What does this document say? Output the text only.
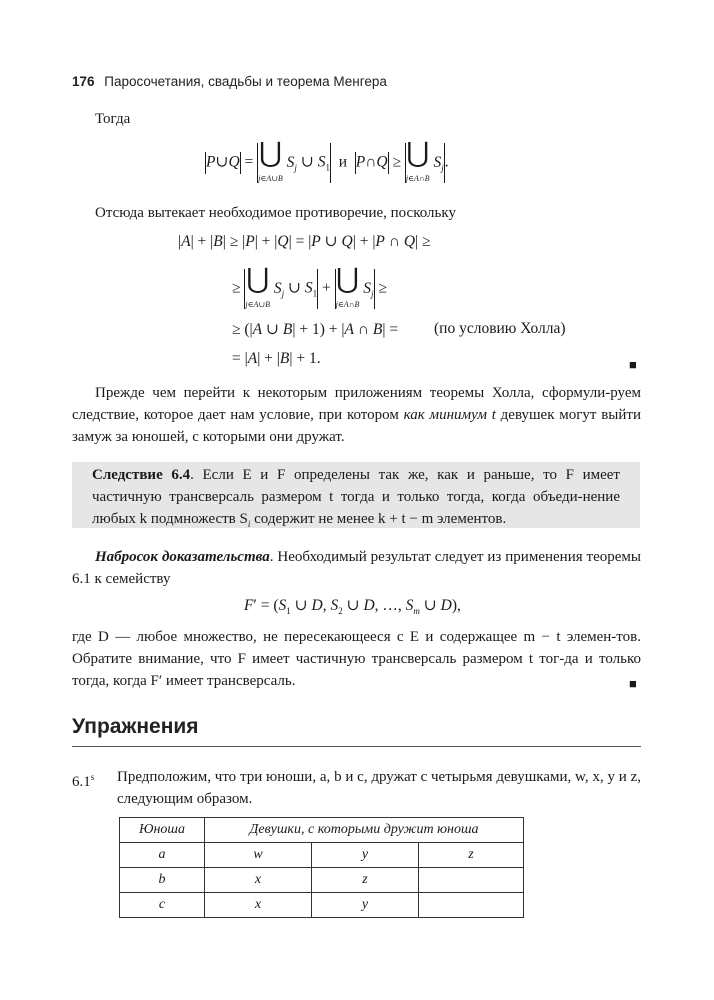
176 Паросочетания, свадьбы и теорема Менгера
Тогда
P∪Q = ⋃
j∈A∪B $S_j$ ∪ $S_1$ и P∩Q ≥ ⋃
j∈A∩B $S_j$.
Отсюда вытекает необходимое противоречие, поскольку
|A| + |B| ≥ |P| + |Q| = |P ∪ Q| + |P ∩ Q| ≥
≥ ⋃
j∈A∪B $S_j$ ∪ $S_1$ + ⋃
j∈A∩B $S_j$ ≥
≥ (|A ∪ B| + 1) + |A ∩ B| = (по условию Холла)
= |A| + |B| + 1.	■
Прежде чем перейти к некоторым приложениям теоремы Холла, сформули-руем следствие, которое дает нам условие, при котором как минимум t девушек могут выйти замуж за юношей, с которыми они дружат.
Следствие 6.4. Если E и F определены так же, как и раньше, то F имеет частичную трансверсаль размером t тогда и только тогда, когда объеди-нение любых k подмножеств $S_i$ содержит не менее k + t − m элементов.
Набросок доказательства. Необходимый результат следует из применения теоремы 6.1 к семейству
$F' = (S_1$ ∪ D, $S_2$ ∪ D, …, $S_m$ ∪ D),
где D — любое множество, не пересекающееся с E и содержащее m − t элемен-тов. Обратите внимание, что F имеет частичную трансверсаль размером t тог-да и только тогда, когда F′ имеет трансверсаль.	■
Упражнения
6.1$^s$ Предположим, что три юноши, a, b и c, дружат с четырьмя девушками, w, x, y и z, следующим образом.
Юноша	Девушки, с которыми дружит юноша		
a	w	y	z
b	x	z	
c	x	y	
